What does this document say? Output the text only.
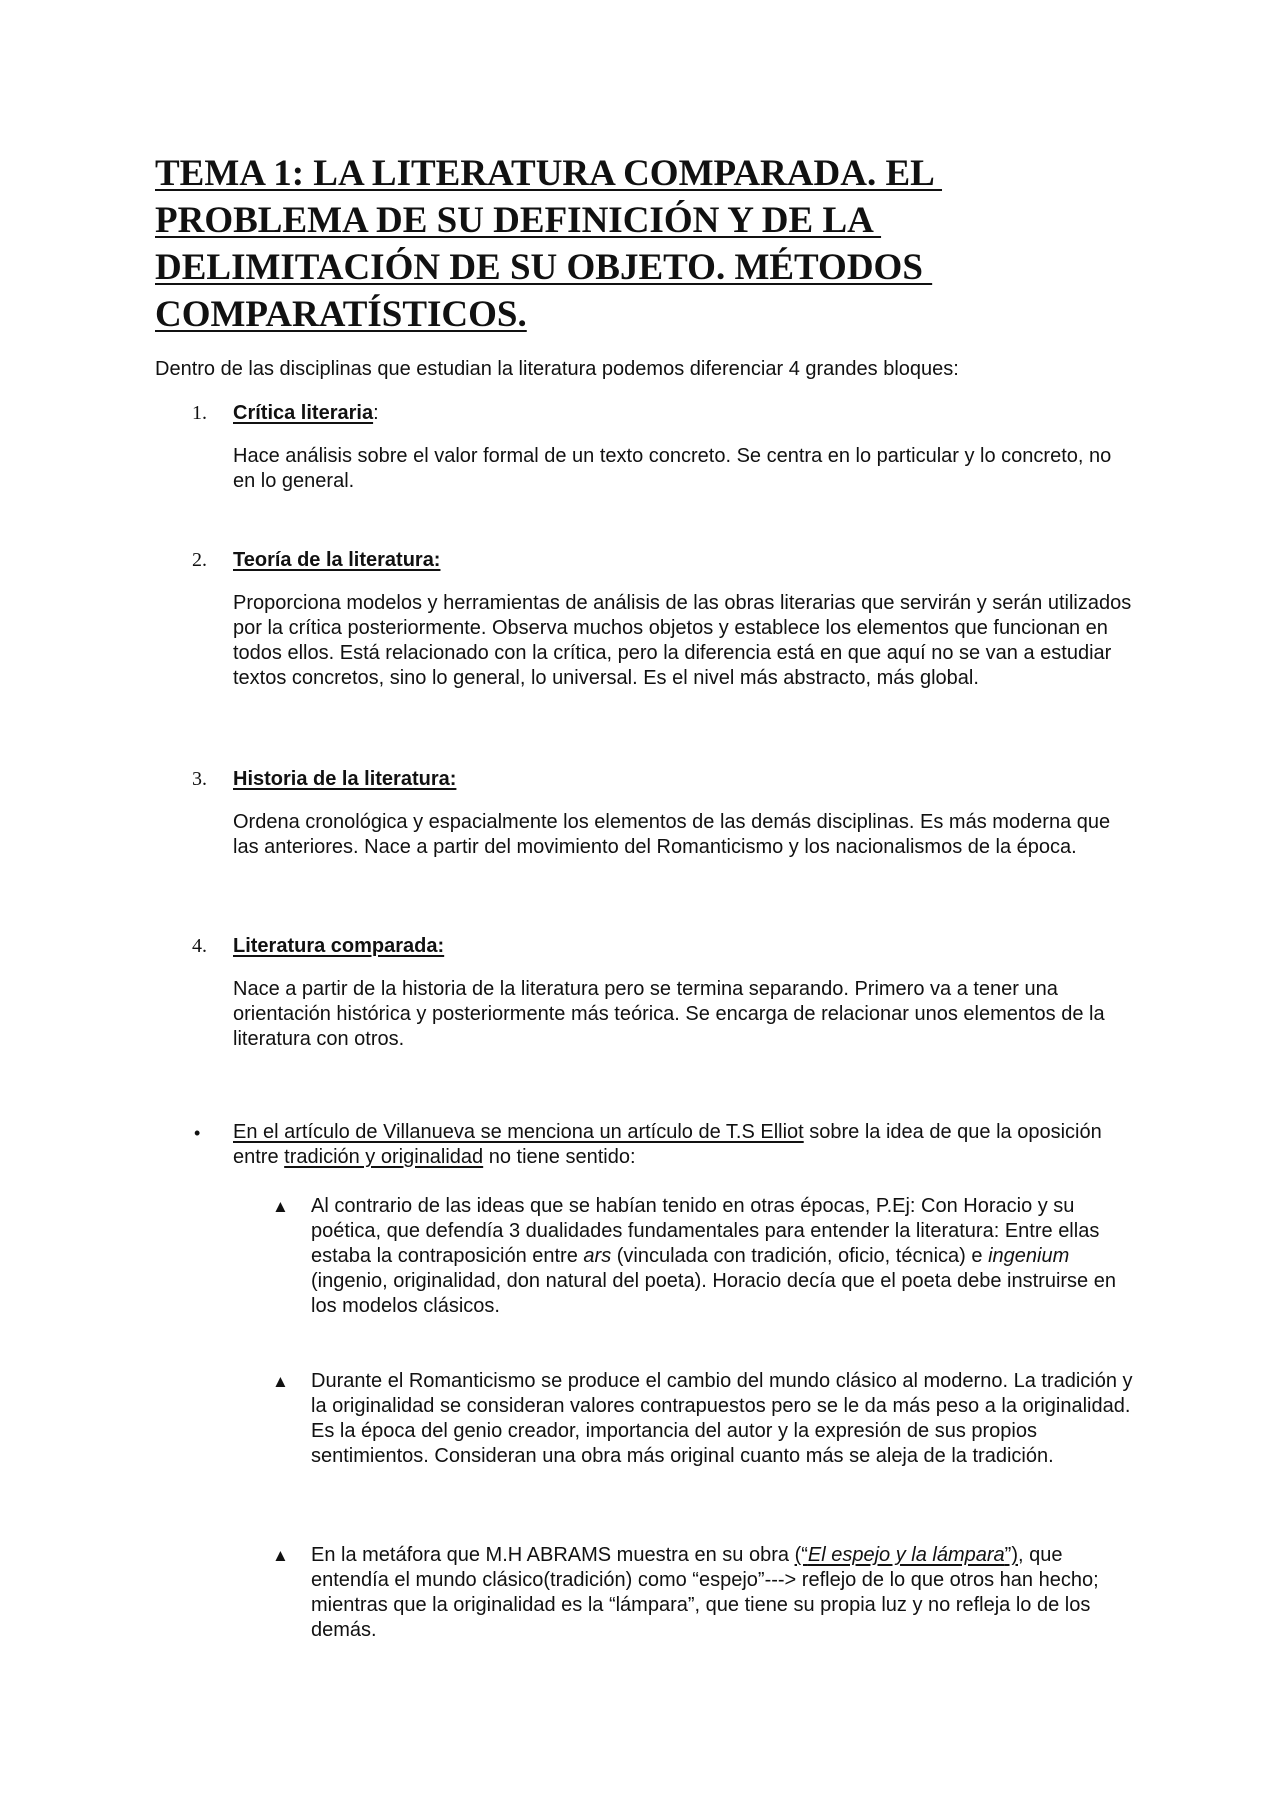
TEMA 1: LA LITERATURA COMPARADA. EL
PROBLEMA DE SU DEFINICIÓN Y DE LA
DELIMITACIÓN DE SU OBJETO. MÉTODOS
COMPARATÍSTICOS.

Dentro de las disciplinas que estudian la literatura podemos diferenciar 4 grandes bloques:

1. Crítica literaria:

Hace análisis sobre el valor formal de un texto concreto. Se centra en lo particular y lo concreto, no en lo general.

2. Teoría de la literatura:

Proporciona modelos y herramientas de análisis de las obras literarias que servirán y serán utilizados por la crítica posteriormente. Observa muchos objetos y establece los elementos que funcionan en todos ellos. Está relacionado con la crítica, pero la diferencia está en que aquí no se van a estudiar textos concretos, sino lo general, lo universal. Es el nivel más abstracto, más global.

3. Historia de la literatura:

Ordena cronológica y espacialmente los elementos de las demás disciplinas. Es más moderna que las anteriores. Nace a partir del movimiento del Romanticismo y los nacionalismos de la época.

4. Literatura comparada:

Nace a partir de la historia de la literatura pero se termina separando. Primero va a tener una orientación histórica y posteriormente más teórica. Se encarga de relacionar unos elementos de la literatura con otros.

• En el artículo de Villanueva se menciona un artículo de T.S Elliot sobre la idea de que la oposición entre tradición y originalidad no tiene sentido:

▲ Al contrario de las ideas que se habían tenido en otras épocas, P.Ej: Con Horacio y su poética, que defendía 3 dualidades fundamentales para entender la literatura: Entre ellas estaba la contraposición entre ars (vinculada con tradición, oficio, técnica) e ingenium (ingenio, originalidad, don natural del poeta). Horacio decía que el poeta debe instruirse en los modelos clásicos.

▲ Durante el Romanticismo se produce el cambio del mundo clásico al moderno. La tradición y la originalidad se consideran valores contrapuestos pero se le da más peso a la originalidad. Es la época del genio creador, importancia del autor y la expresión de sus propios sentimientos. Consideran una obra más original cuanto más se aleja de la tradición.

▲ En la metáfora que M.H ABRAMS muestra en su obra (“El espejo y la lámpara”), que entendía el mundo clásico(tradición) como “espejo”---> reflejo de lo que otros han hecho; mientras que la originalidad es la “lámpara”, que tiene su propia luz y no refleja lo de los demás.
